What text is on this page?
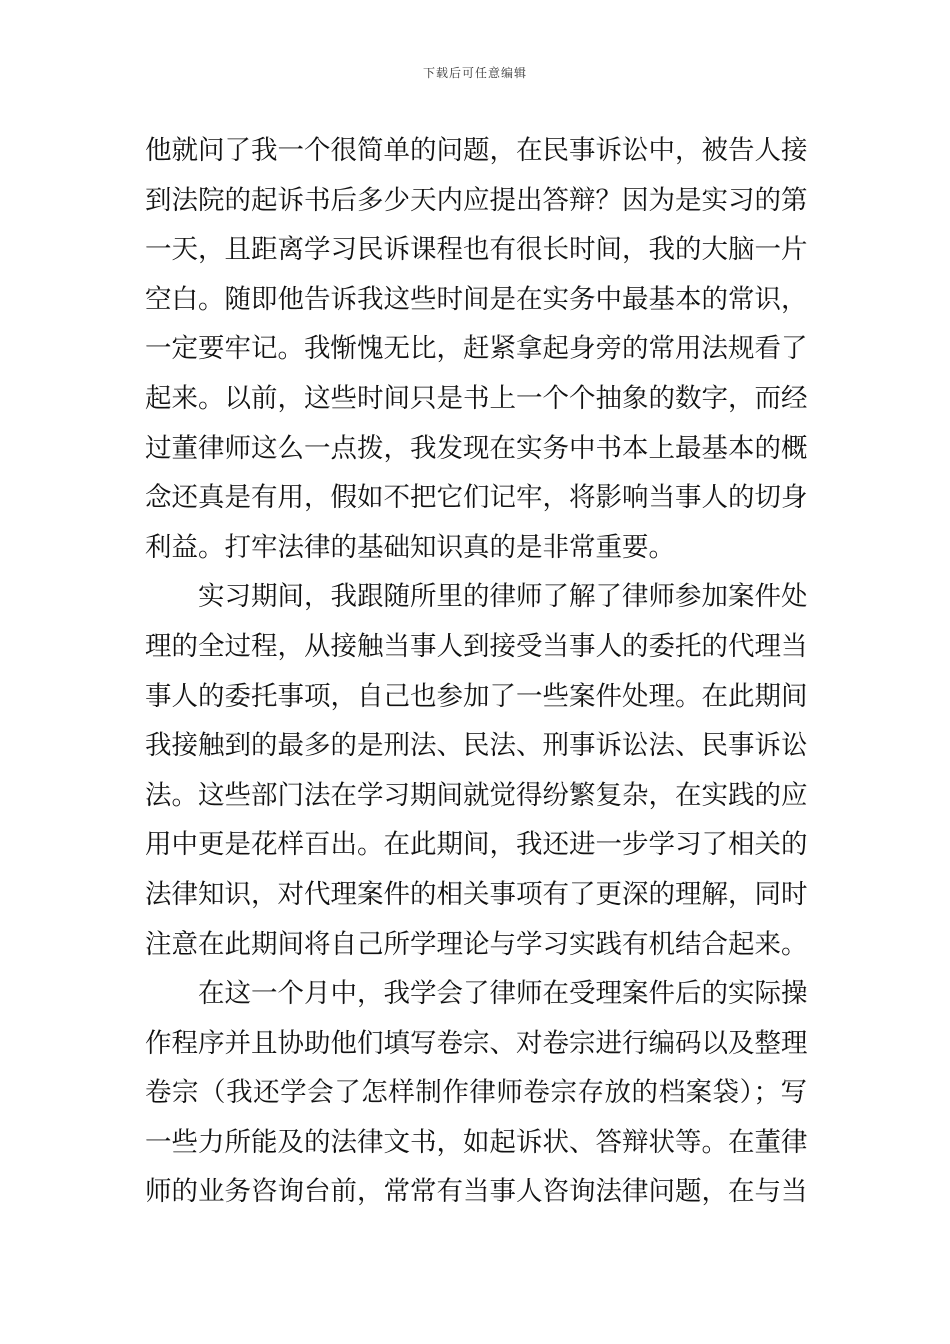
下载后可任意编辑
他就问了我一个很简单的问题，在民事诉讼中，被告人接
到法院的起诉书后多少天内应提出答辩？因为是实习的第
一天，且距离学习民诉课程也有很长时间，我的大脑一片
空白。随即他告诉我这些时间是在实务中最基本的常识，
一定要牢记。我惭愧无比，赶紧拿起身旁的常用法规看了
起来。以前，这些时间只是书上一个个抽象的数字，而经
过董律师这么一点拨，我发现在实务中书本上最基本的概
念还真是有用，假如不把它们记牢，将影响当事人的切身
利益。打牢法律的基础知识真的是非常重要。
实习期间，我跟随所里的律师了解了律师参加案件处
理的全过程，从接触当事人到接受当事人的委托的代理当
事人的委托事项，自己也参加了一些案件处理。在此期间
我接触到的最多的是刑法、民法、刑事诉讼法、民事诉讼
法。这些部门法在学习期间就觉得纷繁复杂，在实践的应
用中更是花样百出。在此期间，我还进一步学习了相关的
法律知识，对代理案件的相关事项有了更深的理解，同时
注意在此期间将自己所学理论与学习实践有机结合起来。
在这一个月中，我学会了律师在受理案件后的实际操
作程序并且协助他们填写卷宗、对卷宗进行编码以及整理
卷宗（我还学会了怎样制作律师卷宗存放的档案袋）；写
一些力所能及的法律文书，如起诉状、答辩状等。在董律
师的业务咨询台前，常常有当事人咨询法律问题，在与当
